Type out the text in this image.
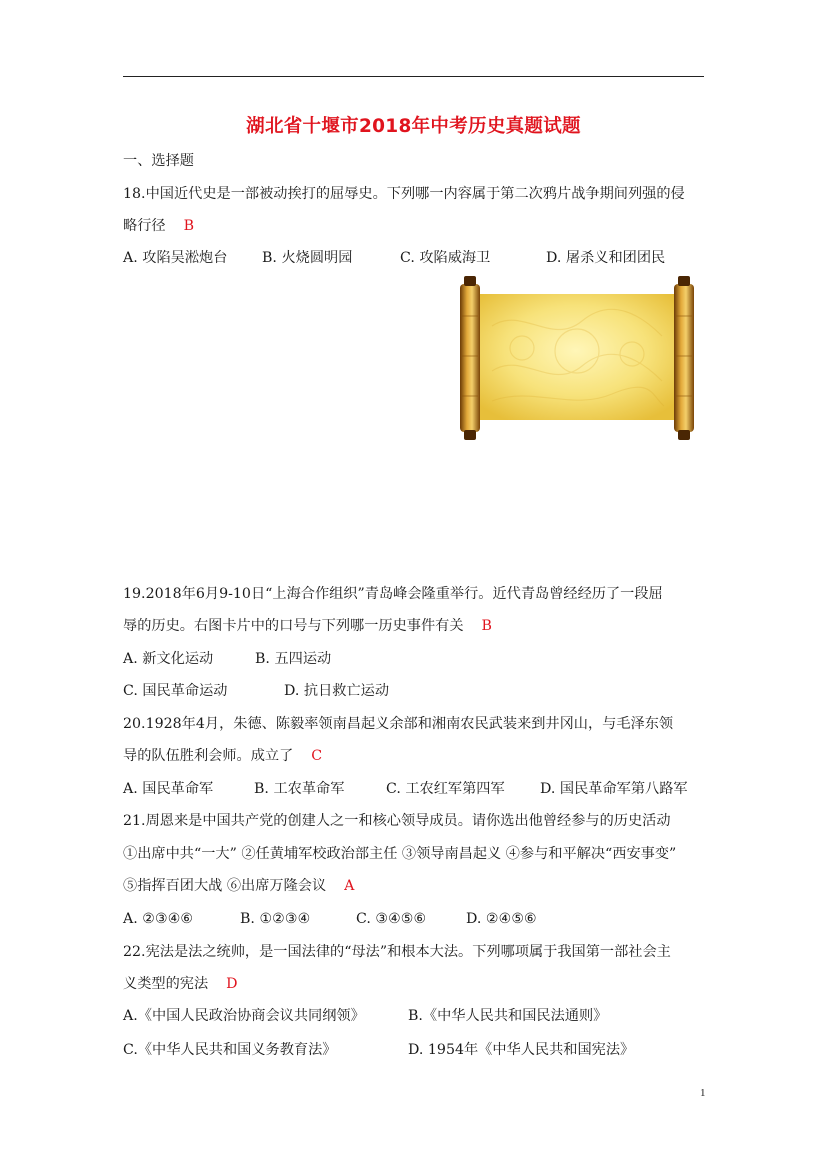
湖北省十堰市2018年中考历史真题试题
一、选择题
18.中国近代史是一部被动挨打的屈辱史。下列哪一内容属于第二次鸦片战争期间列强的侵
略行径 B
A. 攻陷吴淞炮台 B. 火烧圆明园	C. 攻陷威海卫	D. 屠杀义和团团民
19.2018年6月9-10日“上海合作组织”青岛峰会隆重举行。近代青岛曾经经历了一段屈
辱的历史。右图卡片中的口号与下列哪一历史事件有关 B
A. 新文化运动	B. 五四运动
C. 国民革命运动	D. 抗日救亡运动
20.1928年4月，朱德、陈毅率领南昌起义余部和湘南农民武装来到井冈山，与毛泽东领
导的队伍胜利会师。成立了 C
A. 国民革命军	B. 工农革命军	C. 工农红军第四军 D. 国民革命军第八路军
21.周恩来是中国共产党的创建人之一和核心领导成员。请你选出他曾经参与的历史活动
①出席中共“一大” ②任黄埔军校政治部主任 ③领导南昌起义 ④参与和平解决“西安事变”
⑤指挥百团大战 ⑥出席万隆会议 A
A. ②③④⑥	B. ①②③④	C. ③④⑤⑥	D. ②④⑤⑥
22.宪法是法之统帅，是一国法律的“母法”和根本大法。下列哪项属于我国第一部社会主
义类型的宪法 D
A.《中国人民政治协商会议共同纲领》	B.《中华人民共和国民法通则》
C.《中华人民共和国义务教育法》	D. 1954年《中华人民共和国宪法》
1
